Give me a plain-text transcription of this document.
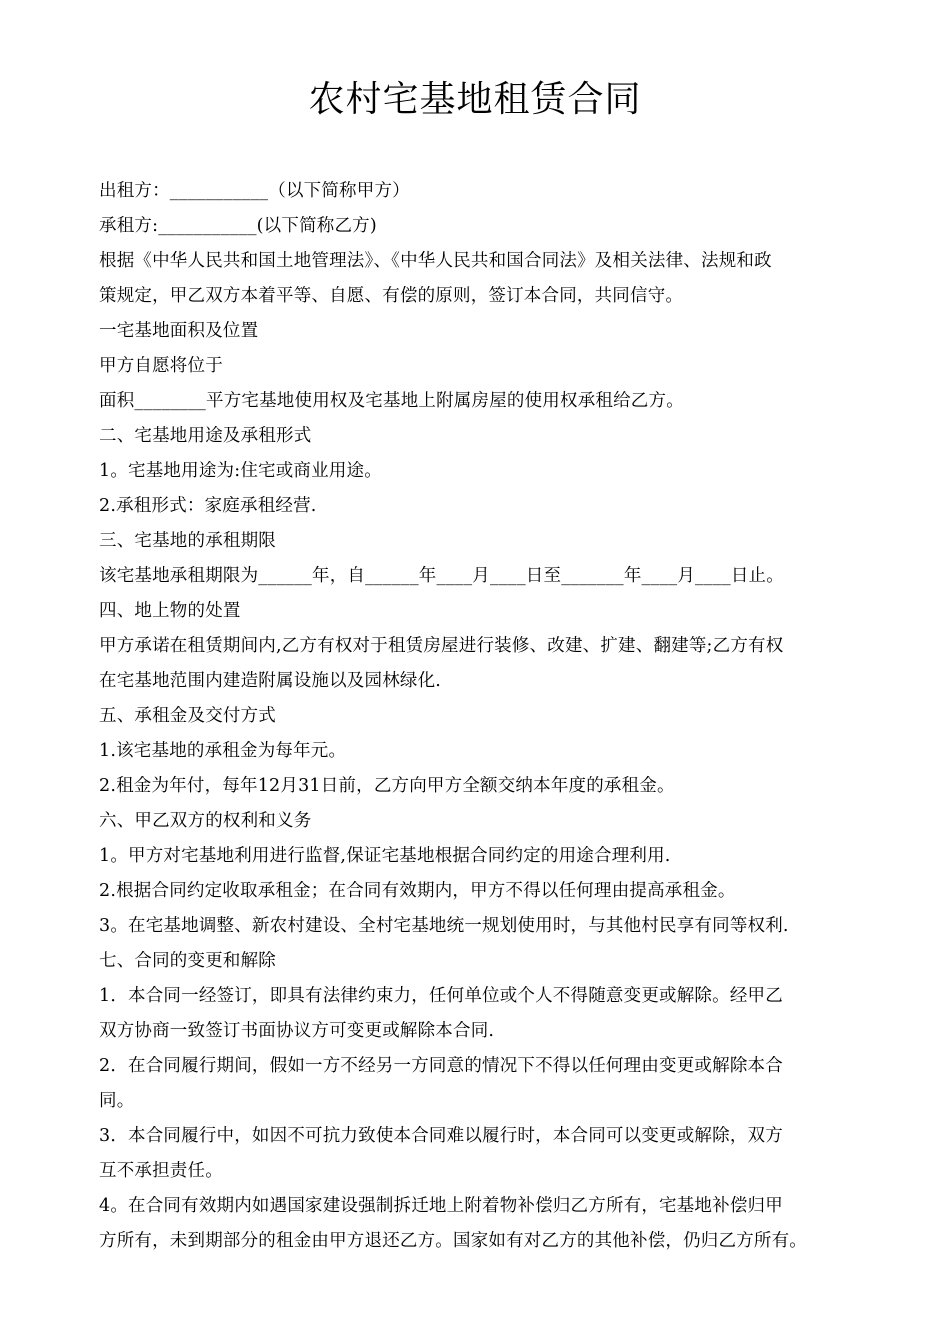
农村宅基地租赁合同
出租方：___________（以下简称甲方）
承租方:___________(以下简称乙方)
根据《中华人民共和国土地管理法》、《中华人民共和国合同法》及相关法律、法规和政
策规定，甲乙双方本着平等、自愿、有偿的原则，签订本合同，共同信守。
一宅基地面积及位置
甲方自愿将位于
面积________平方宅基地使用权及宅基地上附属房屋的使用权承租给乙方。
二、宅基地用途及承租形式
1。宅基地用途为:住宅或商业用途。
2.承租形式：家庭承租经营.
三、宅基地的承租期限
该宅基地承租期限为______年，自______年____月____日至_______年____月____日止。
四、地上物的处置
甲方承诺在租赁期间内,乙方有权对于租赁房屋进行装修、改建、扩建、翻建等;乙方有权
在宅基地范围内建造附属设施以及园林绿化.
五、承租金及交付方式
1.该宅基地的承租金为每年元。
2.租金为年付，每年12月31日前，乙方向甲方全额交纳本年度的承租金。
六、甲乙双方的权利和义务
1。甲方对宅基地利用进行监督,保证宅基地根据合同约定的用途合理利用.
2.根据合同约定收取承租金；在合同有效期内，甲方不得以任何理由提高承租金。
3。在宅基地调整、新农村建设、全村宅基地统一规划使用时，与其他村民享有同等权利.
七、合同的变更和解除
1．本合同一经签订，即具有法律约束力，任何单位或个人不得随意变更或解除。经甲乙
双方协商一致签订书面协议方可变更或解除本合同.
2．在合同履行期间，假如一方不经另一方同意的情况下不得以任何理由变更或解除本合
同。
3．本合同履行中，如因不可抗力致使本合同难以履行时，本合同可以变更或解除，双方
互不承担责任。
4。在合同有效期内如遇国家建设强制拆迁地上附着物补偿归乙方所有，宅基地补偿归甲
方所有，未到期部分的租金由甲方退还乙方。国家如有对乙方的其他补偿，仍归乙方所有。
